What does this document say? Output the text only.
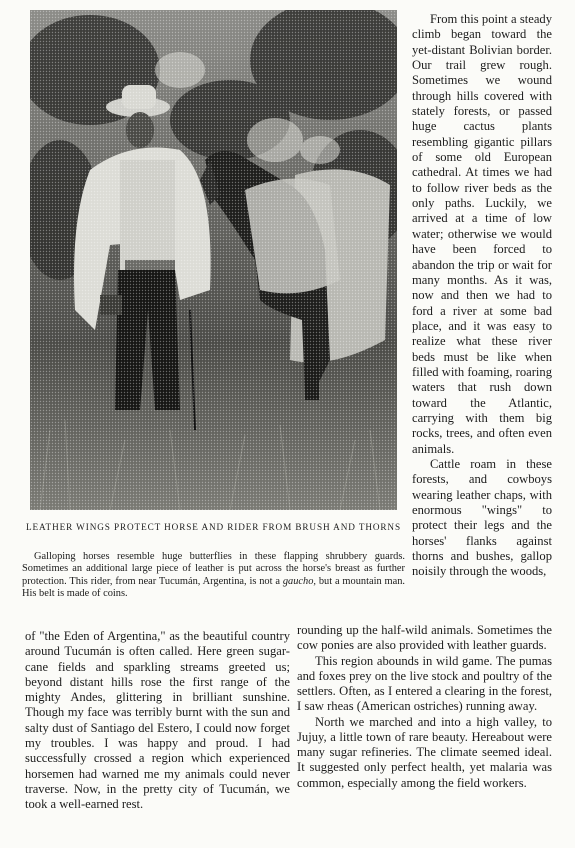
LEATHER WINGS PROTECT HORSE AND RIDER FROM BRUSH AND THORNS
Galloping horses resemble huge butterflies in these flapping shrubbery guards. Sometimes an additional large piece of leather is put across the horse's breast as further protection. This rider, from near Tucumán, Argentina, is not a gaucho, but a mountain man. His belt is made of coins.

From this point a steady climb began toward the yet-distant Bolivian border. Our trail grew rough. Sometimes we wound through hills covered with stately forests, or passed huge cactus plants resembling gigantic pillars of some old European cathedral. At times we had to follow river beds as the only paths. Luckily, we arrived at a time of low water; otherwise we would have been forced to abandon the trip or wait for many months. As it was, now and then we had to ford a river at some bad place, and it was easy to realize what these river beds must be like when filled with foaming, roaring waters that rush down toward the Atlantic, carrying with them big rocks, trees, and often even animals.

Cattle roam in these forests, and cowboys wearing leather chaps, with enormous "wings" to protect their legs and the horses' flanks against thorns and bushes, gallop noisily through the woods,

of "the Eden of Argentina," as the beautiful country around Tucumán is often called. Here green sugar-cane fields and sparkling streams greeted us; beyond distant hills rose the first range of the mighty Andes, glittering in brilliant sunshine. Though my face was terribly burnt with the sun and salty dust of Santiago del Estero, I could now forget my troubles. I was happy and proud. I had successfully crossed a region which experienced horsemen had warned me my animals could never traverse. Now, in the pretty city of Tucumán, we took a well-earned rest.

rounding up the half-wild animals. Sometimes the cow ponies are also provided with leather guards.

This region abounds in wild game. The pumas and foxes prey on the live stock and poultry of the settlers. Often, as I entered a clearing in the forest, I saw rheas (American ostriches) running away.

North we marched and into a high valley, to Jujuy, a little town of rare beauty. Hereabout were many sugar refineries. The climate seemed ideal. It suggested only perfect health, yet malaria was common, especially among the field workers.
